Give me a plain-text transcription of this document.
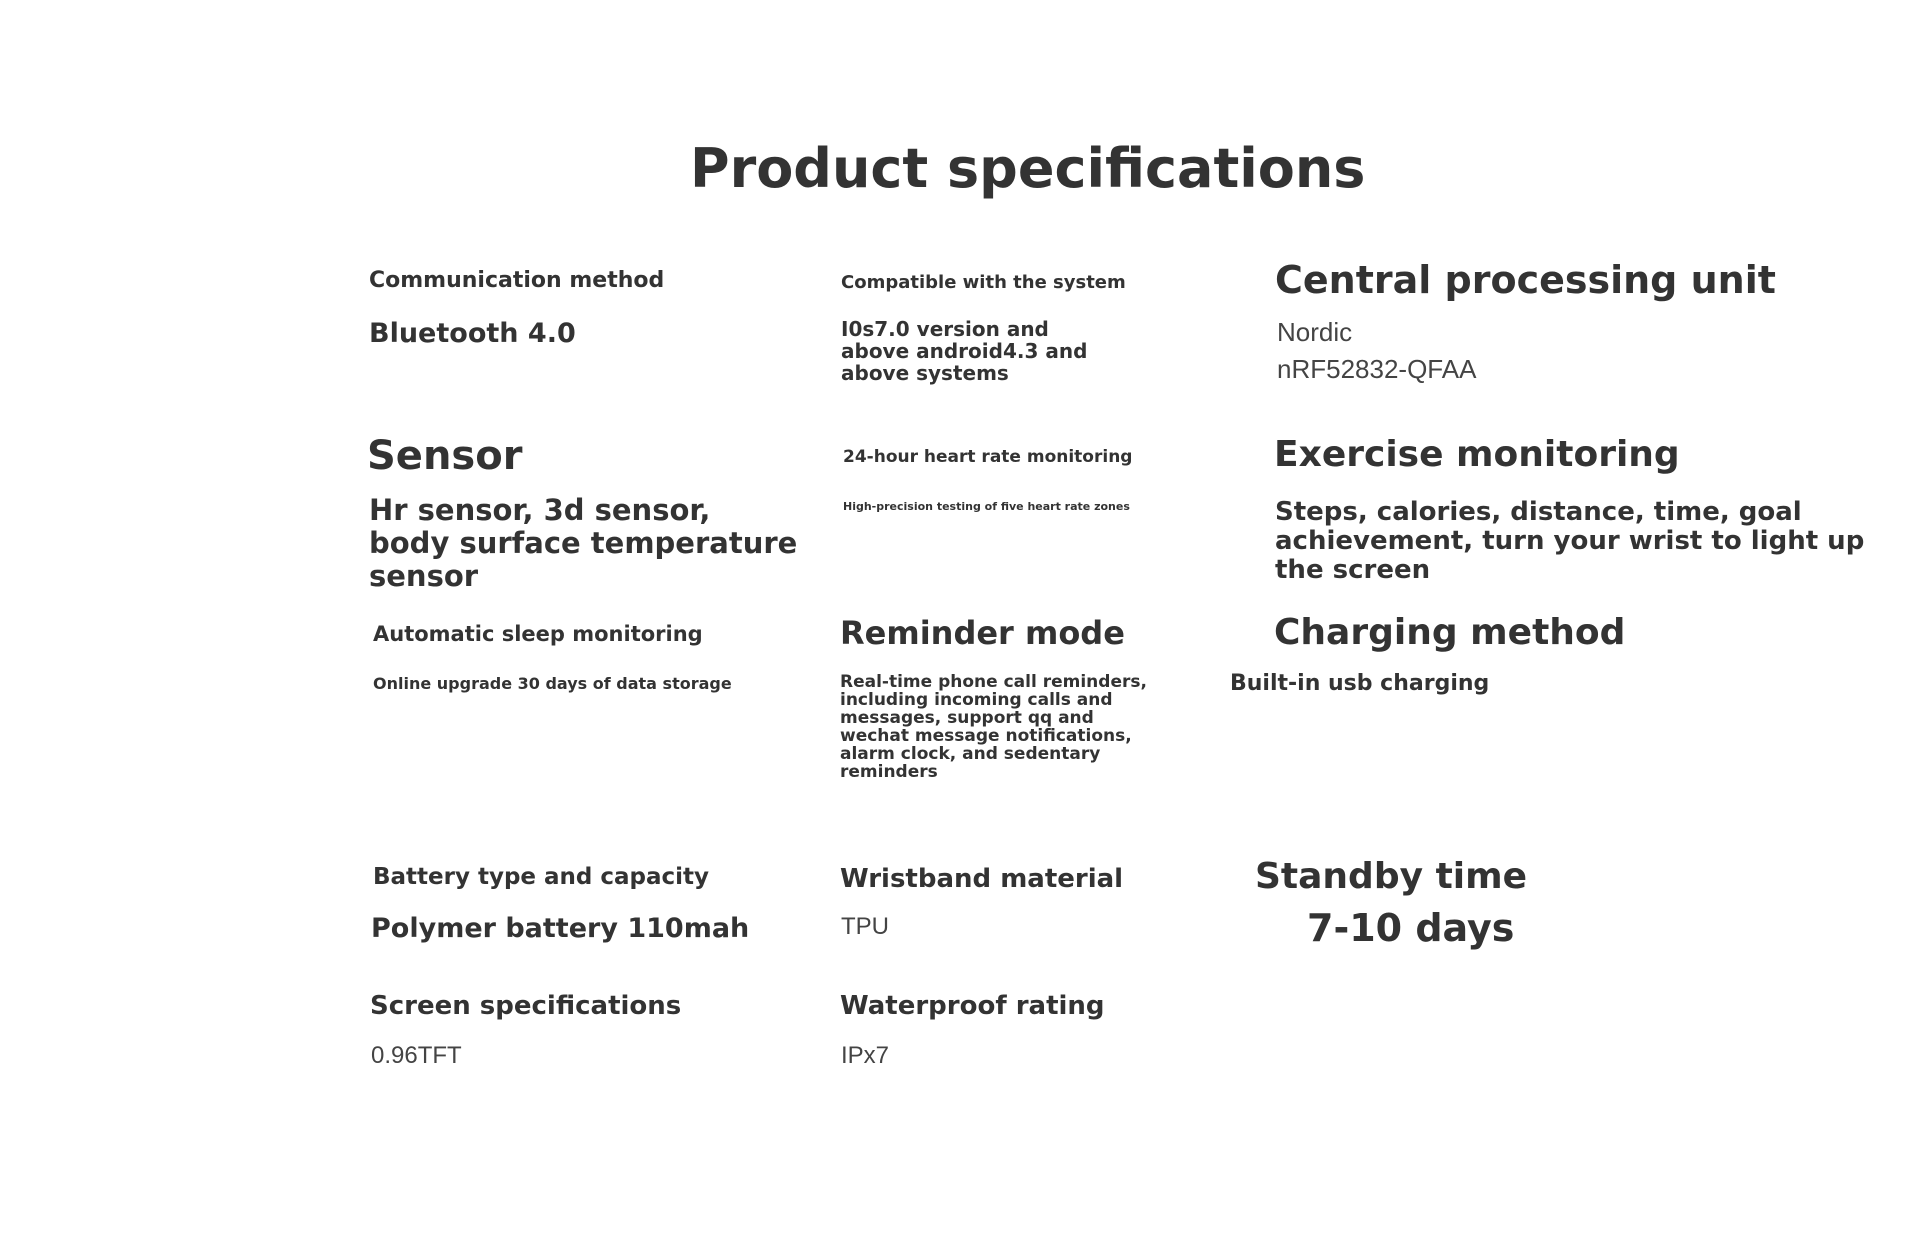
Product specifications
Communication method
Bluetooth 4.0
Compatible with the system
I0s7.0 version and above android4.3 and above systems
Central processing unit
Nordic
nRF52832-QFAA
Sensor
Hr sensor, 3d sensor, body surface temperature sensor
24-hour heart rate monitoring
High-precision testing of five heart rate zones
Exercise monitoring
Steps, calories, distance, time, goal achievement, turn your wrist to light up the screen
Automatic sleep monitoring
Online upgrade 30 days of data storage
Reminder mode
Real-time phone call reminders, including incoming calls and messages, support qq and wechat message notifications, alarm clock, and sedentary reminders
Charging method
Built-in usb charging
Battery type and capacity
Polymer battery 110mah
Wristband material
TPU
Standby time
7-10 days
Screen specifications
0.96TFT
Waterproof rating
IPx7
